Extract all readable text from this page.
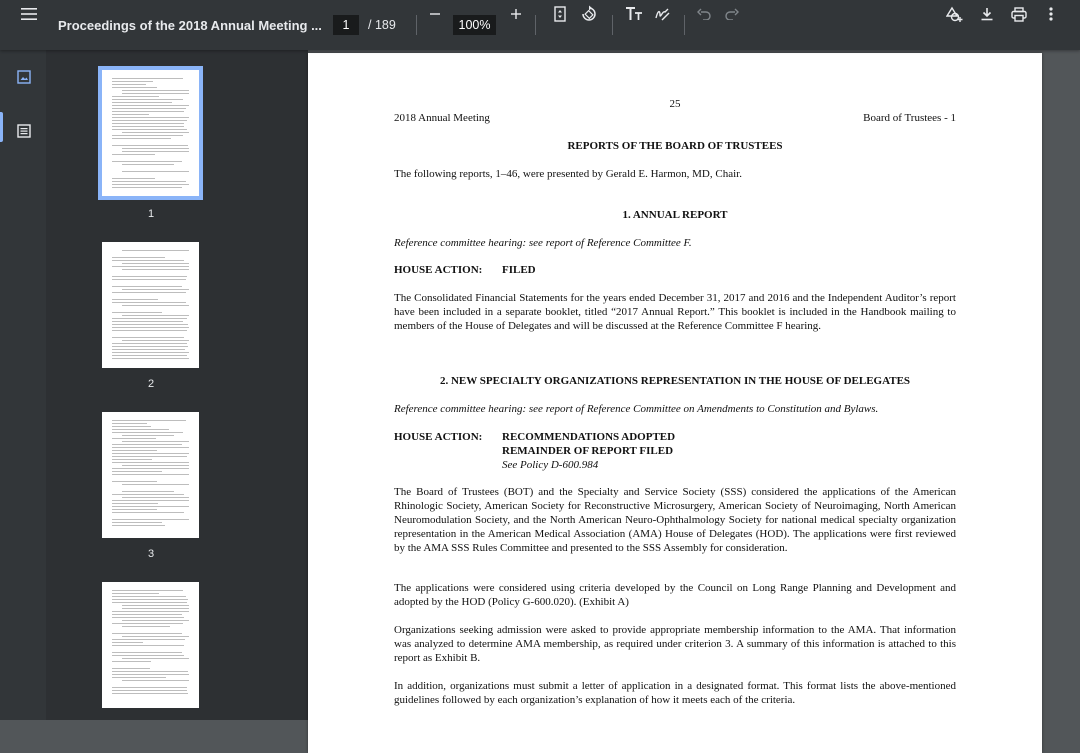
Proceedings of the 2018 Annual Meeting ...	1	/ 189	100%
1
2
3
25
2018 Annual Meeting	Board of Trustees - 1
REPORTS OF THE BOARD OF TRUSTEES
The following reports, 1–46, were presented by Gerald E. Harmon, MD, Chair.
1. ANNUAL REPORT
Reference committee hearing: see report of Reference Committee F.
HOUSE ACTION: FILED
The Consolidated Financial Statements for the years ended December 31, 2017 and 2016 and the Independent Auditor’s report have been included in a separate booklet, titled “2017 Annual Report.” This booklet is included in the Handbook mailing to members of the House of Delegates and will be discussed at the Reference Committee F hearing.
2. NEW SPECIALTY ORGANIZATIONS REPRESENTATION IN THE HOUSE OF DELEGATES
Reference committee hearing: see report of Reference Committee on Amendments to Constitution and Bylaws.
HOUSE ACTION: RECOMMENDATIONS ADOPTED
REMAINDER OF REPORT FILED
See Policy D-600.984
The Board of Trustees (BOT) and the Specialty and Service Society (SSS) considered the applications of the American Rhinologic Society, American Society for Reconstructive Microsurgery, American Society of Neuroimaging, North American Neuromodulation Society, and the North American Neuro-Ophthalmology Society for national medical specialty organization representation in the American Medical Association (AMA) House of Delegates (HOD). The applications were first reviewed by the AMA SSS Rules Committee and presented to the SSS Assembly for consideration.
The applications were considered using criteria developed by the Council on Long Range Planning and Development and adopted by the HOD (Policy G-600.020). (Exhibit A)
Organizations seeking admission were asked to provide appropriate membership information to the AMA. That information was analyzed to determine AMA membership, as required under criterion 3. A summary of this information is attached to this report as Exhibit B.
In addition, organizations must submit a letter of application in a designated format. This format lists the above-mentioned guidelines followed by each organization’s explanation of how it meets each of the criteria.
